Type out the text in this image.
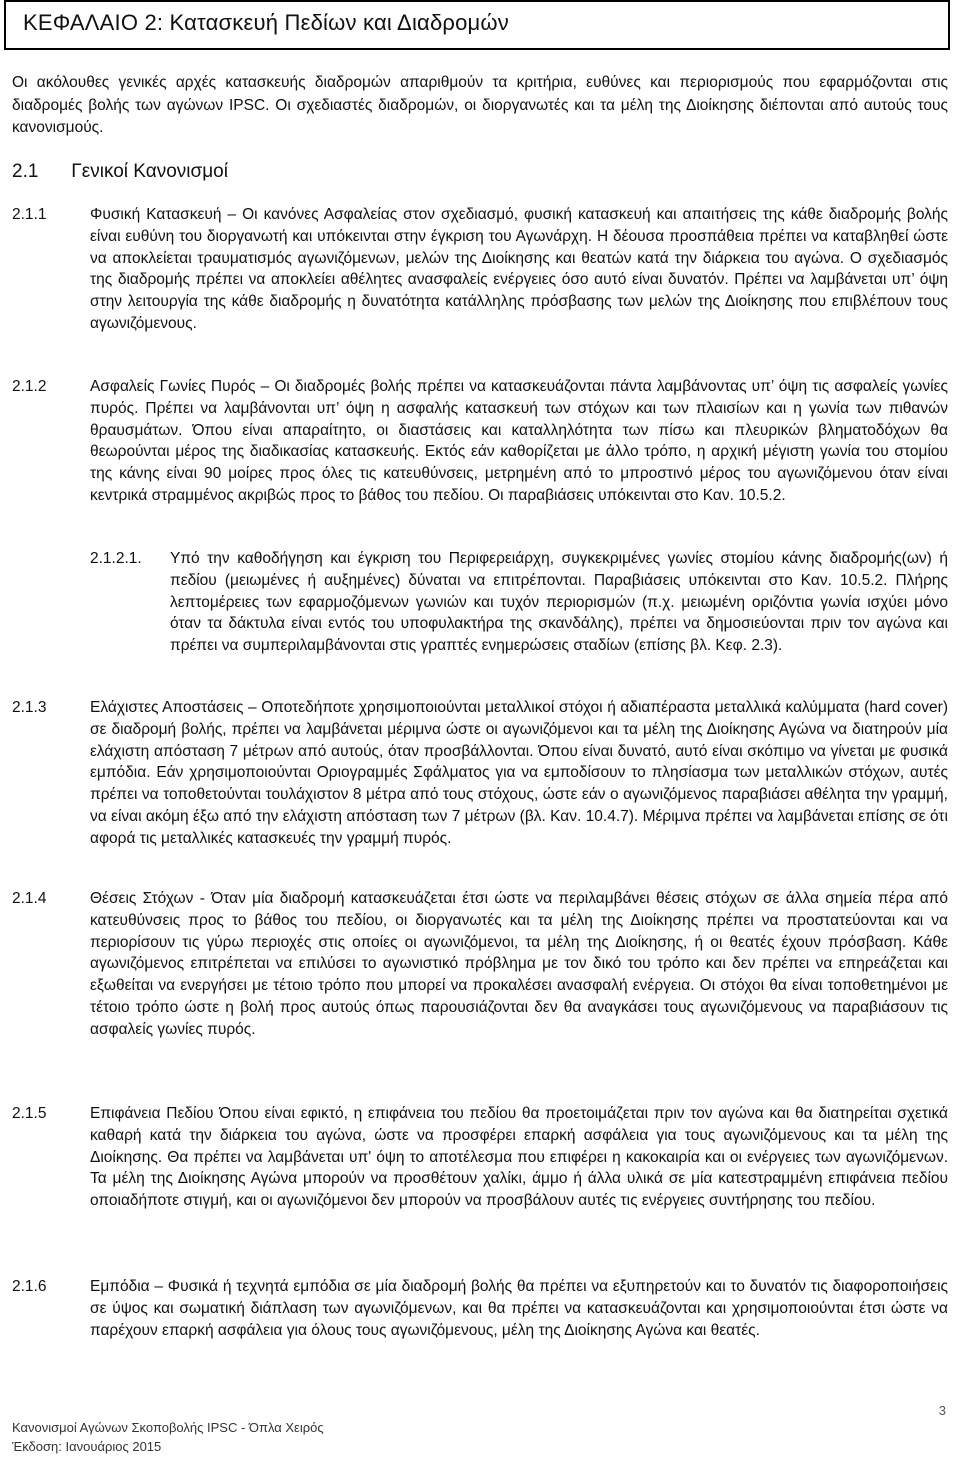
ΚΕΦΑΛΑΙΟ 2: Κατασκευή Πεδίων και Διαδρομών

Οι ακόλουθες γενικές αρχές κατασκευής διαδρομών απαριθμούν τα κριτήρια, ευθύνες και περιορισμούς που εφαρμόζονται στις διαδρομές βολής των αγώνων IPSC. Οι σχεδιαστές διαδρομών, οι διοργανωτές και τα μέλη της Διοίκησης διέπονται από αυτούς τους κανονισμούς.

2.1 Γενικοί Κανονισμοί
2.1.1	Φυσική Κατασκευή – Οι κανόνες Ασφαλείας στον σχεδιασμό, φυσική κατασκευή και απαιτήσεις της κάθε διαδρομής βολής είναι ευθύνη του διοργανωτή και υπόκεινται στην έγκριση του Αγωνάρχη. Η δέουσα προσπάθεια πρέπει να καταβληθεί ώστε να αποκλείεται τραυματισμός αγωνιζόμενων, μελών της Διοίκησης και θεατών κατά την διάρκεια του αγώνα. Ο σχεδιασμός της διαδρομής πρέπει να αποκλείει αθέλητες ανασφαλείς ενέργειες όσο αυτό είναι δυνατόν. Πρέπει να λαμβάνεται υπ’ όψη στην λειτουργία της κάθε διαδρομής η δυνατότητα κατάλληλης πρόσβασης των μελών της Διοίκησης που επιβλέπουν τους αγωνιζόμενους.

2.1.2	Ασφαλείς Γωνίες Πυρός – Οι διαδρομές βολής πρέπει να κατασκευάζονται πάντα λαμβάνοντας υπ’ όψη τις ασφαλείς γωνίες πυρός. Πρέπει να λαμβάνονται υπ’ όψη η ασφαλής κατασκευή των στόχων και των πλαισίων και η γωνία των πιθανών θραυσμάτων. Όπου είναι απαραίτητο, οι διαστάσεις και καταλληλότητα των πίσω και πλευρικών βληματοδόχων θα θεωρούνται μέρος της διαδικασίας κατασκευής. Εκτός εάν καθορίζεται με άλλο τρόπο, η αρχική μέγιστη γωνία του στομίου της κάνης είναι 90 μοίρες προς όλες τις κατευθύνσεις, μετρημένη από το μπροστινό μέρος του αγωνιζόμενου όταν είναι κεντρικά στραμμένος ακριβώς προς το βάθος του πεδίου. Οι παραβιάσεις υπόκεινται στο Καν. 10.5.2.

2.1.2.1. Υπό την καθοδήγηση και έγκριση του Περιφερειάρχη, συγκεκριμένες γωνίες στομίου κάνης διαδρομής(ων) ή πεδίου (μειωμένες ή αυξημένες) δύναται να επιτρέπονται. Παραβιάσεις υπόκεινται στο Καν. 10.5.2. Πλήρης λεπτομέρειες των εφαρμοζόμενων γωνιών και τυχόν περιορισμών (π.χ. μειωμένη οριζόντια γωνία ισχύει μόνο όταν τα δάκτυλα είναι εντός του υποφυλακτήρα της σκανδάλης), πρέπει να δημοσιεύονται πριν τον αγώνα και πρέπει να συμπεριλαμβάνονται στις γραπτές ενημερώσεις σταδίων (επίσης βλ. Κεφ. 2.3).

2.1.3	Ελάχιστες Αποστάσεις – Οποτεδήποτε χρησιμοποιούνται μεταλλικοί στόχοι ή αδιαπέραστα μεταλλικά καλύμματα (hard cover) σε διαδρομή βολής, πρέπει να λαμβάνεται μέριμνα ώστε οι αγωνιζόμενοι και τα μέλη της Διοίκησης Αγώνα να διατηρούν μία ελάχιστη απόσταση 7 μέτρων από αυτούς, όταν προσβάλλονται. Όπου είναι δυνατό, αυτό είναι σκόπιμο να γίνεται με φυσικά εμπόδια. Εάν χρησιμοποιούνται Οριογραμμές Σφάλματος για να εμποδίσουν το πλησίασμα των μεταλλικών στόχων, αυτές πρέπει να τοποθετούνται τουλάχιστον 8 μέτρα από τους στόχους, ώστε εάν ο αγωνιζόμενος παραβιάσει αθέλητα την γραμμή, να είναι ακόμη έξω από την ελάχιστη απόσταση των 7 μέτρων (βλ. Καν. 10.4.7). Μέριμνα πρέπει να λαμβάνεται επίσης σε ότι αφορά τις μεταλλικές κατασκευές την γραμμή πυρός.

2.1.4	Θέσεις Στόχων - Όταν μία διαδρομή κατασκευάζεται έτσι ώστε να περιλαμβάνει θέσεις στόχων σε άλλα σημεία πέρα από κατευθύνσεις προς το βάθος του πεδίου, οι διοργανωτές και τα μέλη της Διοίκησης πρέπει να προστατεύονται και να περιορίσουν τις γύρω περιοχές στις οποίες οι αγωνιζόμενοι, τα μέλη της Διοίκησης, ή οι θεατές έχουν πρόσβαση. Κάθε αγωνιζόμενος επιτρέπεται να επιλύσει το αγωνιστικό πρόβλημα με τον δικό του τρόπο και δεν πρέπει να επηρεάζεται και εξωθείται να ενεργήσει με τέτοιο τρόπο που μπορεί να προκαλέσει ανασφαλή ενέργεια. Οι στόχοι θα είναι τοποθετημένοι με τέτοιο τρόπο ώστε η βολή προς αυτούς όπως παρουσιάζονται δεν θα αναγκάσει τους αγωνιζόμενους να παραβιάσουν τις ασφαλείς γωνίες πυρός.

2.1.5	Επιφάνεια Πεδίου Όπου είναι εφικτό, η επιφάνεια του πεδίου θα προετοιμάζεται πριν τον αγώνα και θα διατηρείται σχετικά καθαρή κατά την διάρκεια του αγώνα, ώστε να προσφέρει επαρκή ασφάλεια για τους αγωνιζόμενους και τα μέλη της Διοίκησης. Θα πρέπει να λαμβάνεται υπ' όψη το αποτέλεσμα που επιφέρει η κακοκαιρία και οι ενέργειες των αγωνιζόμενων. Τα μέλη της Διοίκησης Αγώνα μπορούν να προσθέτουν χαλίκι, άμμο ή άλλα υλικά σε μία κατεστραμμένη επιφάνεια πεδίου οποιαδήποτε στιγμή, και οι αγωνιζόμενοι δεν μπορούν να προσβάλουν αυτές τις ενέργειες συντήρησης του πεδίου.

2.1.6	Εμπόδια – Φυσικά ή τεχνητά εμπόδια σε μία διαδρομή βολής θα πρέπει να εξυπηρετούν και το δυνατόν τις διαφοροποιήσεις σε ύψος και σωματική διάπλαση των αγωνιζόμενων, και θα πρέπει να κατασκευάζονται και χρησιμοποιούνται έτσι ώστε να παρέχουν επαρκή ασφάλεια για όλους τους αγωνιζόμενους, μέλη της Διοίκησης Αγώνα και θεατές.

Κανονισμοί Αγώνων Σκοποβολής IPSC - Όπλα Χειρός
Έκδοση: Ιανουάριος 2015
3
